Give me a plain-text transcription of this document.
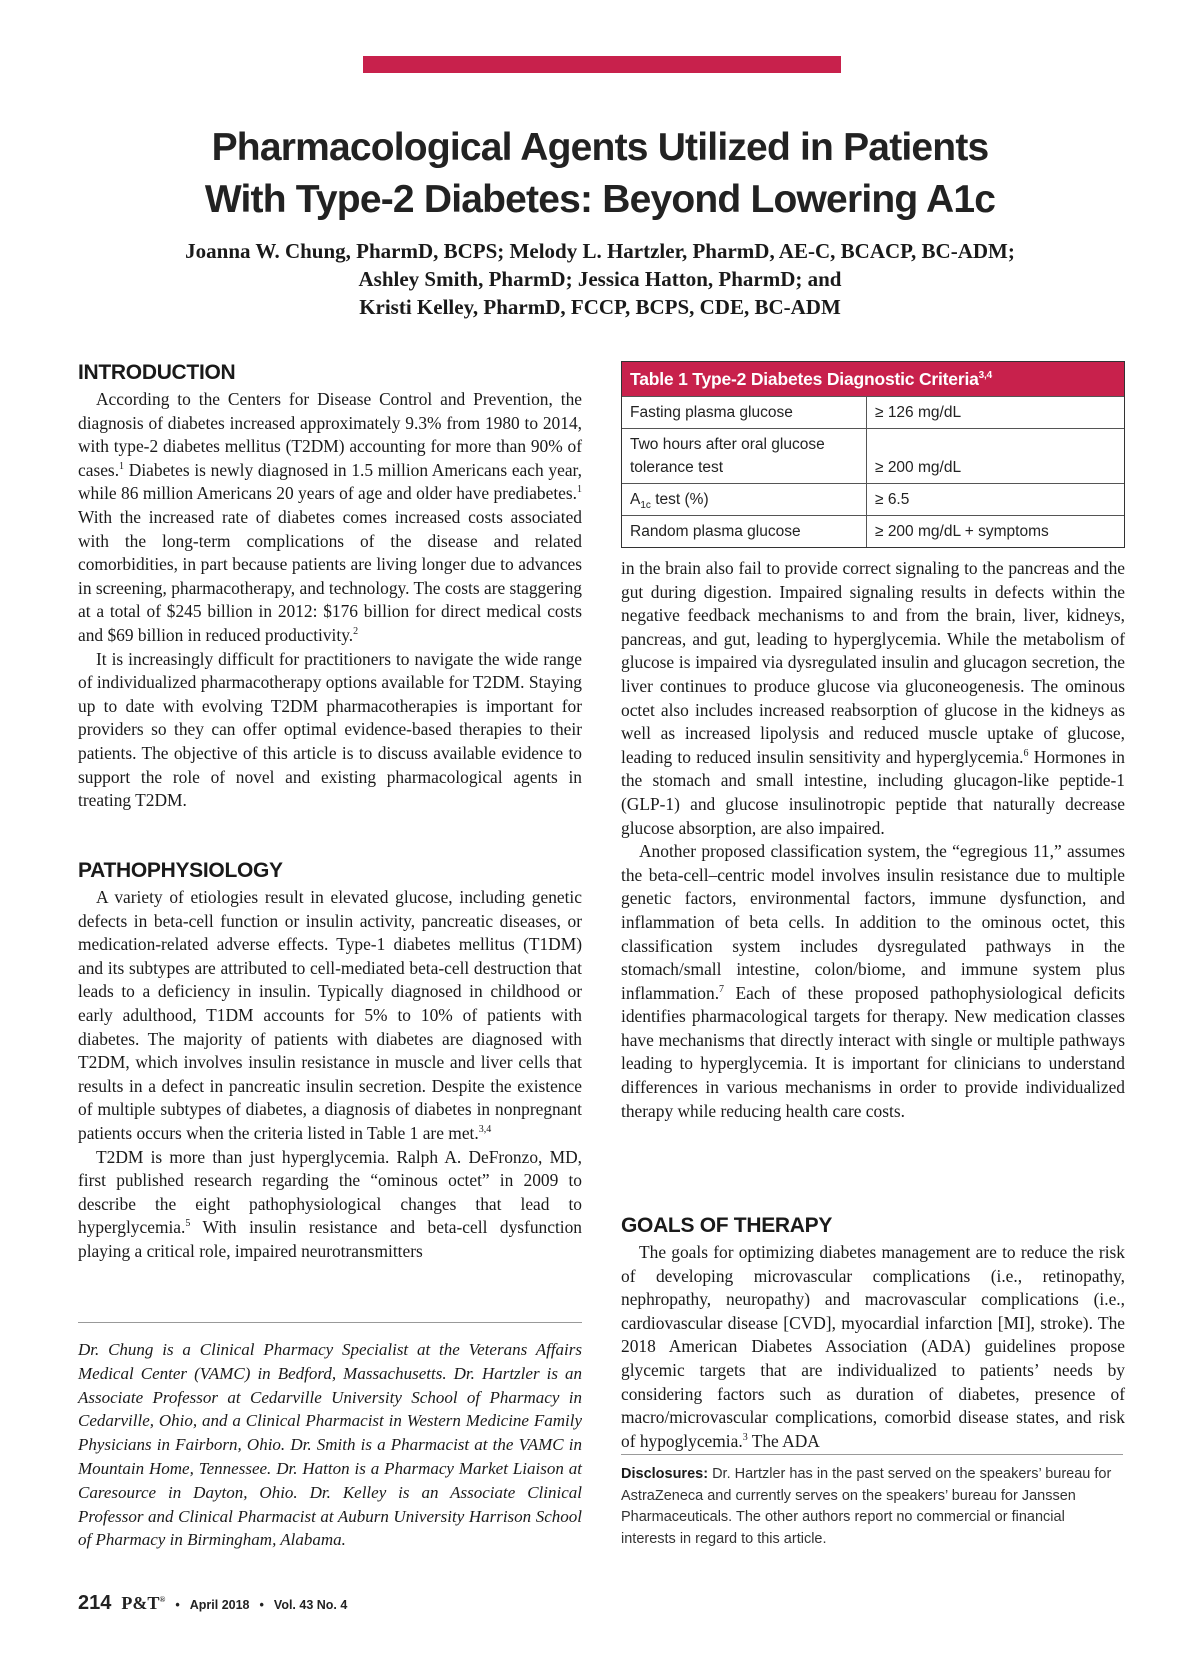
Pharmacological Agents Utilized in Patients
With Type-2 Diabetes: Beyond Lowering A1c
Joanna W. Chung, PharmD, BCPS; Melody L. Hartzler, PharmD, AE-C, BCACP, BC-ADM;
Ashley Smith, PharmD; Jessica Hatton, PharmD; and
Kristi Kelley, PharmD, FCCP, BCPS, CDE, BC-ADM
INTRODUCTION

According to the Centers for Disease Control and Prevention, the diagnosis of diabetes increased approximately 9.3% from 1980 to 2014, with type-2 diabetes mellitus (T2DM) accounting for more than 90% of cases.$^1$ Diabetes is newly diagnosed in 1.5 million Americans each year, while 86 million Americans 20 years of age and older have prediabetes.$^1$ With the increased rate of diabetes comes increased costs associated with the long-term complications of the disease and related comorbidities, in part because patients are living longer due to advances in screening, pharmacotherapy, and technology. The costs are staggering at a total of $245 billion in 2012: $176 billion for direct medical costs and $69 billion in reduced productivity.$^2$

It is increasingly difficult for practitioners to navigate the wide range of individualized pharmacotherapy options available for T2DM. Staying up to date with evolving T2DM pharmacotherapies is important for providers so they can offer optimal evidence-based therapies to their patients. The objective of this article is to discuss available evidence to support the role of novel and existing pharmacological agents in treating T2DM.

PATHOPHYSIOLOGY

A variety of etiologies result in elevated glucose, including genetic defects in beta-cell function or insulin activity, pancreatic diseases, or medication-related adverse effects. Type-1 diabetes mellitus (T1DM) and its subtypes are attributed to cell-mediated beta-cell destruction that leads to a deficiency in insulin. Typically diagnosed in childhood or early adulthood, T1DM accounts for 5% to 10% of patients with diabetes. The majority of patients with diabetes are diagnosed with T2DM, which involves insulin resistance in muscle and liver cells that results in a defect in pancreatic insulin secretion. Despite the existence of multiple subtypes of diabetes, a diagnosis of diabetes in nonpregnant patients occurs when the criteria listed in Table 1 are met.$^{3,4}$

T2DM is more than just hyperglycemia. Ralph A. DeFronzo, MD, first published research regarding the “ominous octet” in 2009 to describe the eight pathophysiological changes that lead to hyperglycemia.$^5$ With insulin resistance and beta-cell dysfunction playing a critical role, impaired neurotransmitters

Dr. Chung is a Clinical Pharmacy Specialist at the Veterans Affairs Medical Center (VAMC) in Bedford, Massachusetts. Dr. Hartzler is an Associate Professor at Cedarville University School of Pharmacy in Cedarville, Ohio, and a Clinical Pharmacist in Western Medicine Family Physicians in Fairborn, Ohio. Dr. Smith is a Pharmacist at the VAMC in Mountain Home, Tennessee. Dr. Hatton is a Pharmacy Market Liaison at Caresource in Dayton, Ohio. Dr. Kelley is an Associate Clinical Professor and Clinical Pharmacist at Auburn University Harrison School of Pharmacy in Birmingham, Alabama.
Table 1 Type-2 Diabetes Diagnostic Criteria$^{3,4}$
Fasting plasma glucose	≥ 126 mg/dL
Two hours after oral glucose tolerance test	≥ 200 mg/dL
$A_{1c}$ test (%)	≥ 6.5
Random plasma glucose	≥ 200 mg/dL + symptoms

in the brain also fail to provide correct signaling to the pancreas and the gut during digestion. Impaired signaling results in defects within the negative feedback mechanisms to and from the brain, liver, kidneys, pancreas, and gut, leading to hyperglycemia. While the metabolism of glucose is impaired via dysregulated insulin and glucagon secretion, the liver continues to produce glucose via gluconeogenesis. The ominous octet also includes increased reabsorption of glucose in the kidneys as well as increased lipolysis and reduced muscle uptake of glucose, leading to reduced insulin sensitivity and hyperglycemia.$^6$ Hormones in the stomach and small intestine, including glucagon-like peptide-1 (GLP-1) and glucose insulinotropic peptide that naturally decrease glucose absorption, are also impaired.

Another proposed classification system, the “egregious 11,” assumes the beta-cell–centric model involves insulin resistance due to multiple genetic factors, environmental factors, immune dysfunction, and inflammation of beta cells. In addition to the ominous octet, this classification system includes dysregulated pathways in the stomach/small intestine, colon/biome, and immune system plus inflammation.$^7$ Each of these proposed pathophysiological deficits identifies pharmacological targets for therapy. New medication classes have mechanisms that directly interact with single or multiple pathways leading to hyperglycemia. It is important for clinicians to understand differences in various mechanisms in order to provide individualized therapy while reducing health care costs.

GOALS OF THERAPY

The goals for optimizing diabetes management are to reduce the risk of developing microvascular complications (i.e., retinopathy, nephropathy, neuropathy) and macrovascular complications (i.e., cardiovascular disease [CVD], myocardial infarction [MI], stroke). The 2018 American Diabetes Association (ADA) guidelines propose glycemic targets that are individualized to patients’ needs by considering factors such as duration of diabetes, presence of macro/microvascular complications, comorbid disease states, and risk of hypoglycemia.$^3$ The ADA

Disclosures: Dr. Hartzler has in the past served on the speakers’ bureau for AstraZeneca and currently serves on the speakers’ bureau for Janssen Pharmaceuticals. The other authors report no commercial or financial interests in regard to this article.
214 P&T® • April 2018 • Vol. 43 No. 4
